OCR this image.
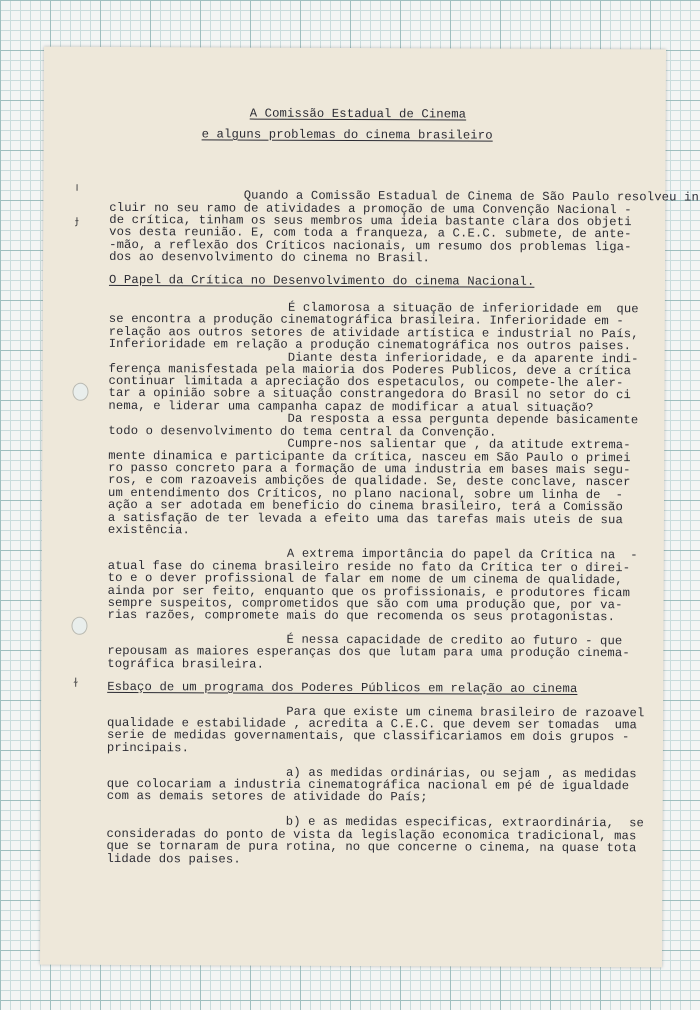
ı
ɟ
ɫ
A Comissão Estadual de Cinema
e alguns problemas do cinema brasileiro
Quando a Comissão Estadual de Cinema de São Paulo resolveu in
cluir no seu ramo de atividades a promoção de uma Convenção Nacional -
de crítica, tinham os seus membros uma ideia bastante clara dos objeti
vos desta reunião. E, com toda a franqueza, a C.E.C. submete, de ante-
-mão, a reflexão dos Críticos nacionais, um resumo dos problemas liga-
dos ao desenvolvimento do cinema no Brasil.
O Papel da Crítica no Desenvolvimento do cinema Nacional.
É clamorosa a situação de inferioridade em  que
se encontra a produção cinematográfica brasileira. Inferioridade em -
relação aos outros setores de atividade artística e industrial no País,
Inferioridade em relação a produção cinematográfica nos outros paises.
Diante desta inferioridade, e da aparente indi-
ferença manisfestada pela maioria dos Poderes Publicos, deve a crítica
continuar limitada a apreciação dos espetaculos, ou compete-lhe aler-
tar a opinião sobre a situação constrangedora do Brasil no setor do ci
nema, e liderar uma campanha capaz de modificar a atual situação?
Da resposta a essa pergunta depende basicamente
todo o desenvolvimento do tema central da Convenção.
Cumpre-nos salientar que , da atitude extrema-
mente dinamica e participante da crítica, nasceu em São Paulo o primei
ro passo concreto para a formação de uma industria em bases mais segu-
ros, e com razoaveis ambições de qualidade. Se, deste conclave, nascer
um entendimento dos Críticos, no plano nacional, sobre um linha de  -
ação a ser adotada em beneficio do cinema brasileiro, terá a Comissão
a satisfação de ter levada a efeito uma das tarefas mais uteis de sua
existência.
A extrema importância do papel da Crítica na  -
atual fase do cinema brasileiro reside no fato da Crítica ter o direi-
to e o dever profissional de falar em nome de um cinema de qualidade,
ainda por ser feito, enquanto que os profissionais, e produtores ficam
sempre suspeitos, comprometidos que são com uma produção que, por va-
rias razões, compromete mais do que recomenda os seus protagonistas.
É nessa capacidade de credito ao futuro - que
repousam as maiores esperanças dos que lutam para uma produção cinema-
tográfica brasileira.
Esbaço de um programa dos Poderes Públicos em relação ao cinema
Para que existe um cinema brasileiro de razoavel
qualidade e estabilidade , acredita a C.E.C. que devem ser tomadas  uma
serie de medidas governamentais, que classificariamos em dois grupos -
principais.
a) as medidas ordinárias, ou sejam , as medidas
que colocariam a industria cinematográfica nacional em pé de igualdade
com as demais setores de atividade do País;
b) e as medidas especificas, extraordinária,  se
consideradas do ponto de vista da legislação economica tradicional, mas
que se tornaram de pura rotina, no que concerne o cinema, na quase tota
lidade dos paises.
